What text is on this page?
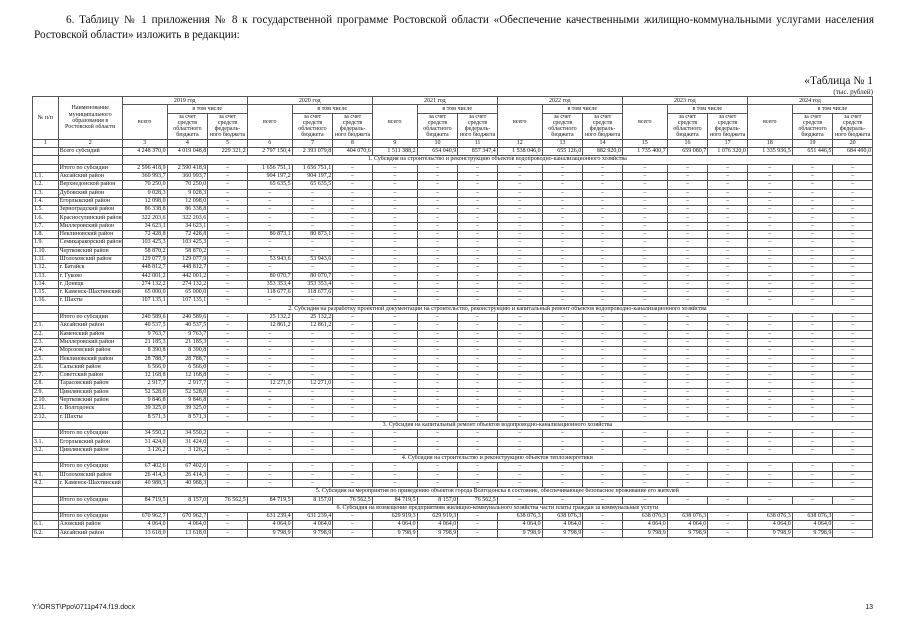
6. Таблицу № 1 приложения № 8 к государственной программе Ростовской области «Обеспечение качественными жилищно-коммунальными услугами населения Ростовской области» изложить в редакции:
«Таблица № 1
(тыс. рублей)
№ п/п	Наименование муниципального образования в Ростовской области	2019 год			2020 год			2021 год			2022 год			2023 год			2024 год		
		всего	в том числе		всего	в том числе		всего	в том числе		всего	в том числе		всего	в том числе		всего	в том числе	
			за счет средств областного бюджета	за счет средств федераль-ного бюджета		за счет средств областного бюджета	за счет средств федераль-ного бюджета		за счет средств областного бюджета	за счет средств федераль-ного бюджета		за счет средств областного бюджета	за счет средств федераль-ного бюджета		за счет средств областного бюджета	за счет средств федераль-ного бюджета		за счет средств областного бюджета	за счет средств федераль-ного бюджета
1	2	3	4	5	6	7	8	9	10	11	12	13	14	15	16	17	18	19	20
	Всего субсидий	4 248 370,0	4 019 048,8	229 321,2	2 797 150,4	2 393 079,8	404 070,6	1 511 388,2	654 040,9	857 347,4	1 538 046,0	655 126,0	882 920,0	1 735 400,7	659 080,7	1 076 320,0	1 335 936,5	651 446,5	684 490,0
		1. Субсидия на строительство и реконструкцию объектов водопроводно-канализационного хозяйства																	
	Итого по субсидии	2 596 418,9	2 590 418,9	–	1 656 751,1	1 656 751,1	–	–	–	–	–	–	–	–	–	–	–	–	–
1.1.	Аксайский район	360 993,7	360 993,7	–	904 197,2	904 197,2	–	–	–	–	–	–	–	–	–	–	–	–	–
1.2.	Верхнедонской район	70 250,0	70 250,0	–	65 635,5	65 635,5	–	–	–	–	–	–	–	–	–	–	–	–	–
1.3.	Дубовский район	9 028,3	9 028,3	–	–	–	–	–	–	–	–	–	–	–	–	–	–	–	–
1.4.	Егорлыкский район	12 098,0	12 098,0	–	–	–	–	–	–	–	–	–	–	–	–	–	–	–	–
1.5.	Зерноградский район	86 338,8	86 338,8	–	–	–	–	–	–	–	–	–	–	–	–	–	–	–	–
1.6.	Красносулинский район	322 203,6	322 203,6	–	–	–	–	–	–	–	–	–	–	–	–	–	–	–	–
1.7.	Миллеровский район	34 623,1	34 623,1	–	–	–	–	–	–	–	–	–	–	–	–	–	–	–	–
1.8.	Неклиновский район	72 428,8	72 428,8	–	80 873,1	80 873,1	–	–	–	–	–	–	–	–	–	–	–	–	–
1.9.	Семикаракорский район	103 425,3	103 425,3	–	–	–	–	–	–	–	–	–	–	–	–	–	–	–	–
1.10.	Чертковский район	58 870,2	58 870,2	–	–	–	–	–	–	–	–	–	–	–	–	–	–	–	–
1.11.	Шолоховский район	129 077,9	129 077,9	–	53 943,6	53 943,6	–	–	–	–	–	–	–	–	–	–	–	–	–
1.12.	г. Батайск	448 812,7	448 812,7	–	–	–	–	–	–	–	–	–	–	–	–	–	–	–	–
1.13.	г. Гуково	442 001,2	442 001,2	–	80 070,7	80 070,7	–	–	–	–	–	–	–	–	–	–	–	–	–
1.14.	г. Донецк	274 132,2	274 132,2	–	353 353,4	353 353,4	–	–	–	–	–	–	–	–	–	–	–	–	–
1.15.	г. Каменск-Шахтинский	65 000,0	65 000,0	–	118 677,6	118 677,6	–	–	–	–	–	–	–	–	–	–	–	–	–
1.16.	г. Шахты	107 135,1	107 135,1	–	–	–	–	–	–	–	–	–	–	–	–	–	–	–	–
		2. Субсидия на разработку проектной документации на строительство, реконструкцию и капитальный ремонт объектов водопроводно-канализационного хозяйства																	
	Итого по субсидии	240 589,6	240 589,6	–	25 132,2	25 132,2	–	–	–	–	–	–	–	–	–	–	–	–	–
2.1.	Аксайский район	40 537,5	40 537,5	–	12 861,2	12 861,2	–	–	–	–	–	–	–	–	–	–	–	–	–
2.2.	Каменский район	9 763,7	9 763,7	–	–	–	–	–	–	–	–	–	–	–	–	–	–	–	–
2.3.	Миллеровский район	21 185,3	21 185,3	–	–	–	–	–	–	–	–	–	–	–	–	–	–	–	–
2.4.	Морозовский район	8 390,8	8 390,8	–	–	–	–	–	–	–	–	–	–	–	–	–	–	–	–
2.5.	Неклиновский район	28 788,7	28 788,7	–	–	–	–	–	–	–	–	–	–	–	–	–	–	–	–
2.6.	Сальский район	6 566,0	6 566,0	–	–	–	–	–	–	–	–	–	–	–	–	–	–	–	–
2.7.	Советский район	12 168,8	12 168,8	–	–	–	–	–	–	–	–	–	–	–	–	–	–	–	–
2.8.	Тарасовский район	2 917,7	2 917,7	–	12 271,0	12 271,0	–	–	–	–	–	–	–	–	–	–	–	–	–
2.9.	Цимлянский район	52 528,0	52 528,0	–	–	–	–	–	–	–	–	–	–	–	–	–	–	–	–
2.10.	Чертковский район	9 846,8	9 846,8	–	–	–	–	–	–	–	–	–	–	–	–	–	–	–	–
2.11.	г. Волгодонск	39 325,0	39 325,0	–	–	–	–	–	–	–	–	–	–	–	–	–	–	–	–
2.12.	г. Шахты	8 571,3	8 571,3	–	–	–	–	–	–	–	–	–	–	–	–	–	–	–	–
		3. Субсидия на капитальный ремонт объектов водопроводно-канализационного хозяйства																	
	Итого по субсидии	34 550,2	34 550,2	–	–	–	–	–	–	–	–	–	–	–	–	–	–	–	–
3.1.	Егорлыкский район	31 424,0	31 424,0	–	–	–	–	–	–	–	–	–	–	–	–	–	–	–	–
3.2.	Цимлянский район	3 126,2	3 126,2	–	–	–	–	–	–	–	–	–	–	–	–	–	–	–	–
		4. Субсидия на строительство и реконструкцию объектов теплоэнергетики																	
	Итого по субсидии	67 402,6	67 402,6	–	–	–	–	–	–	–	–	–	–	–	–	–	–	–	–
4.1.	Шолоховский район	26 414,3	26 414,3	–	–	–	–	–	–	–	–	–	–	–	–	–	–	–	–
4.2.	г. Каменск-Шахтинский	40 988,3	40 988,3	–	–	–	–	–	–	–	–	–	–	–	–	–	–	–	–
		5. Субсидия на мероприятия по приведению объектов города Волгодонска в состояние, обеспечивающее безопасное проживание его жителей																	
	Итого по субсидии	84 719,5	8 157,0	76 562,5	84 719,5	8 157,0	76 562,5	84 719,5	8 157,0	76 562,5	–	–	–	–	–	–	–	–	–
		6. Субсидия на возмещение предприятиям жилищно-коммунального хозяйства части платы граждан за коммунальные услуги																	
	Итого по субсидии	670 962,7	670 962,7	–	631 239,4	631 239,4	–	629 919,3	629 919,3	–	638 076,3	638 076,3	–	638 076,3	638 076,3	–	638 076,3	638 076,3	–
6.1.	Азовский район	4 064,0	4 064,0	–	4 064,0	4 064,0	–	4 064,0	4 064,0	–	4 064,0	4 064,0	–	4 064,0	4 064,0	–	4 064,0	4 064,0	–
6.2.	Аксайский район	13 618,0	13 618,0	–	9 798,9	9 798,9	–	9 798,9	9 798,9	–	9 798,9	9 798,9	–	9 798,9	9 798,9	–	9 798,9	9 798,9	–
Y:\ORST\Ppo\0711p474.f19.docx	13
